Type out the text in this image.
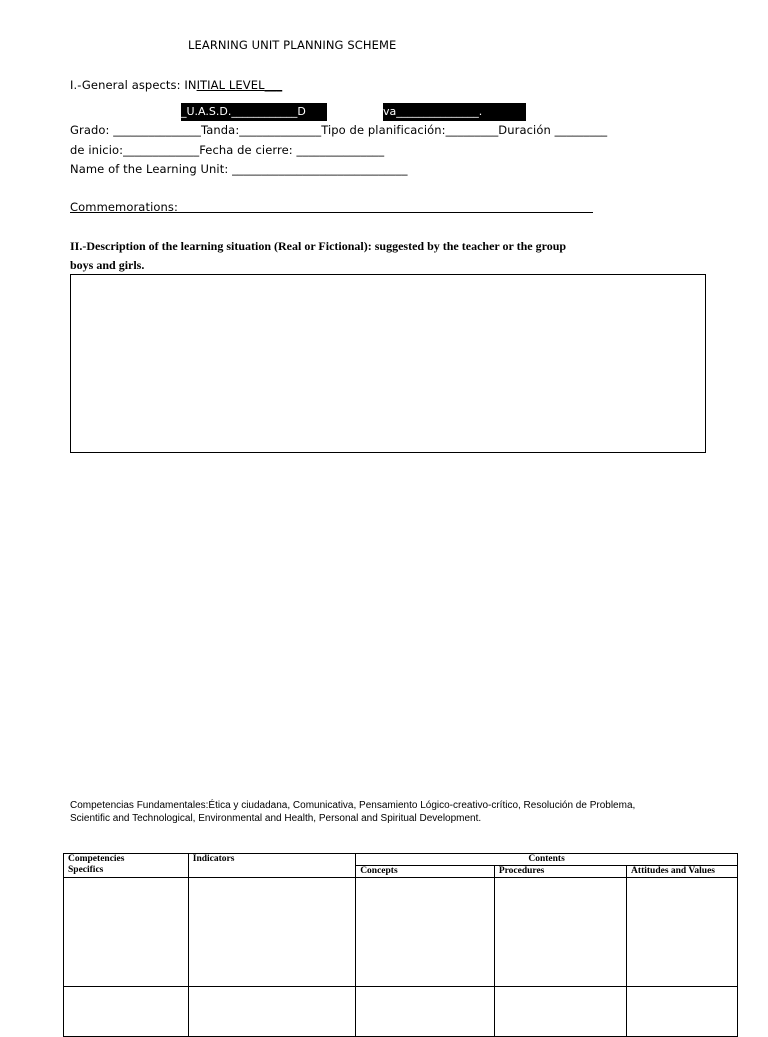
LEARNING UNIT PLANNING SCHEME
I.-General aspects: INITIAL LEVEL___
_U.A.S.D.____________D	va_______________.
Grado: _______________Tanda:______________Tipo de planificación:_________Duración _________
de inicio:_____________Fecha de cierre: _______________
Name of the Learning Unit: ______________________________
Commemorations:
II.-Description of the learning situation (Real or Fictional): suggested by the teacher or the group
boys and girls.
Competencias Fundamentales:Ética y ciudadana, Comunicativa, Pensamiento Lógico-creativo-crítico, Resolución de Problema,
Scientific and Technological, Environmental and Health, Personal and Spiritual Development.
Competencies
Specifics	Indicators	Contents		
		Concepts	Procedures	Attitudes and Values
